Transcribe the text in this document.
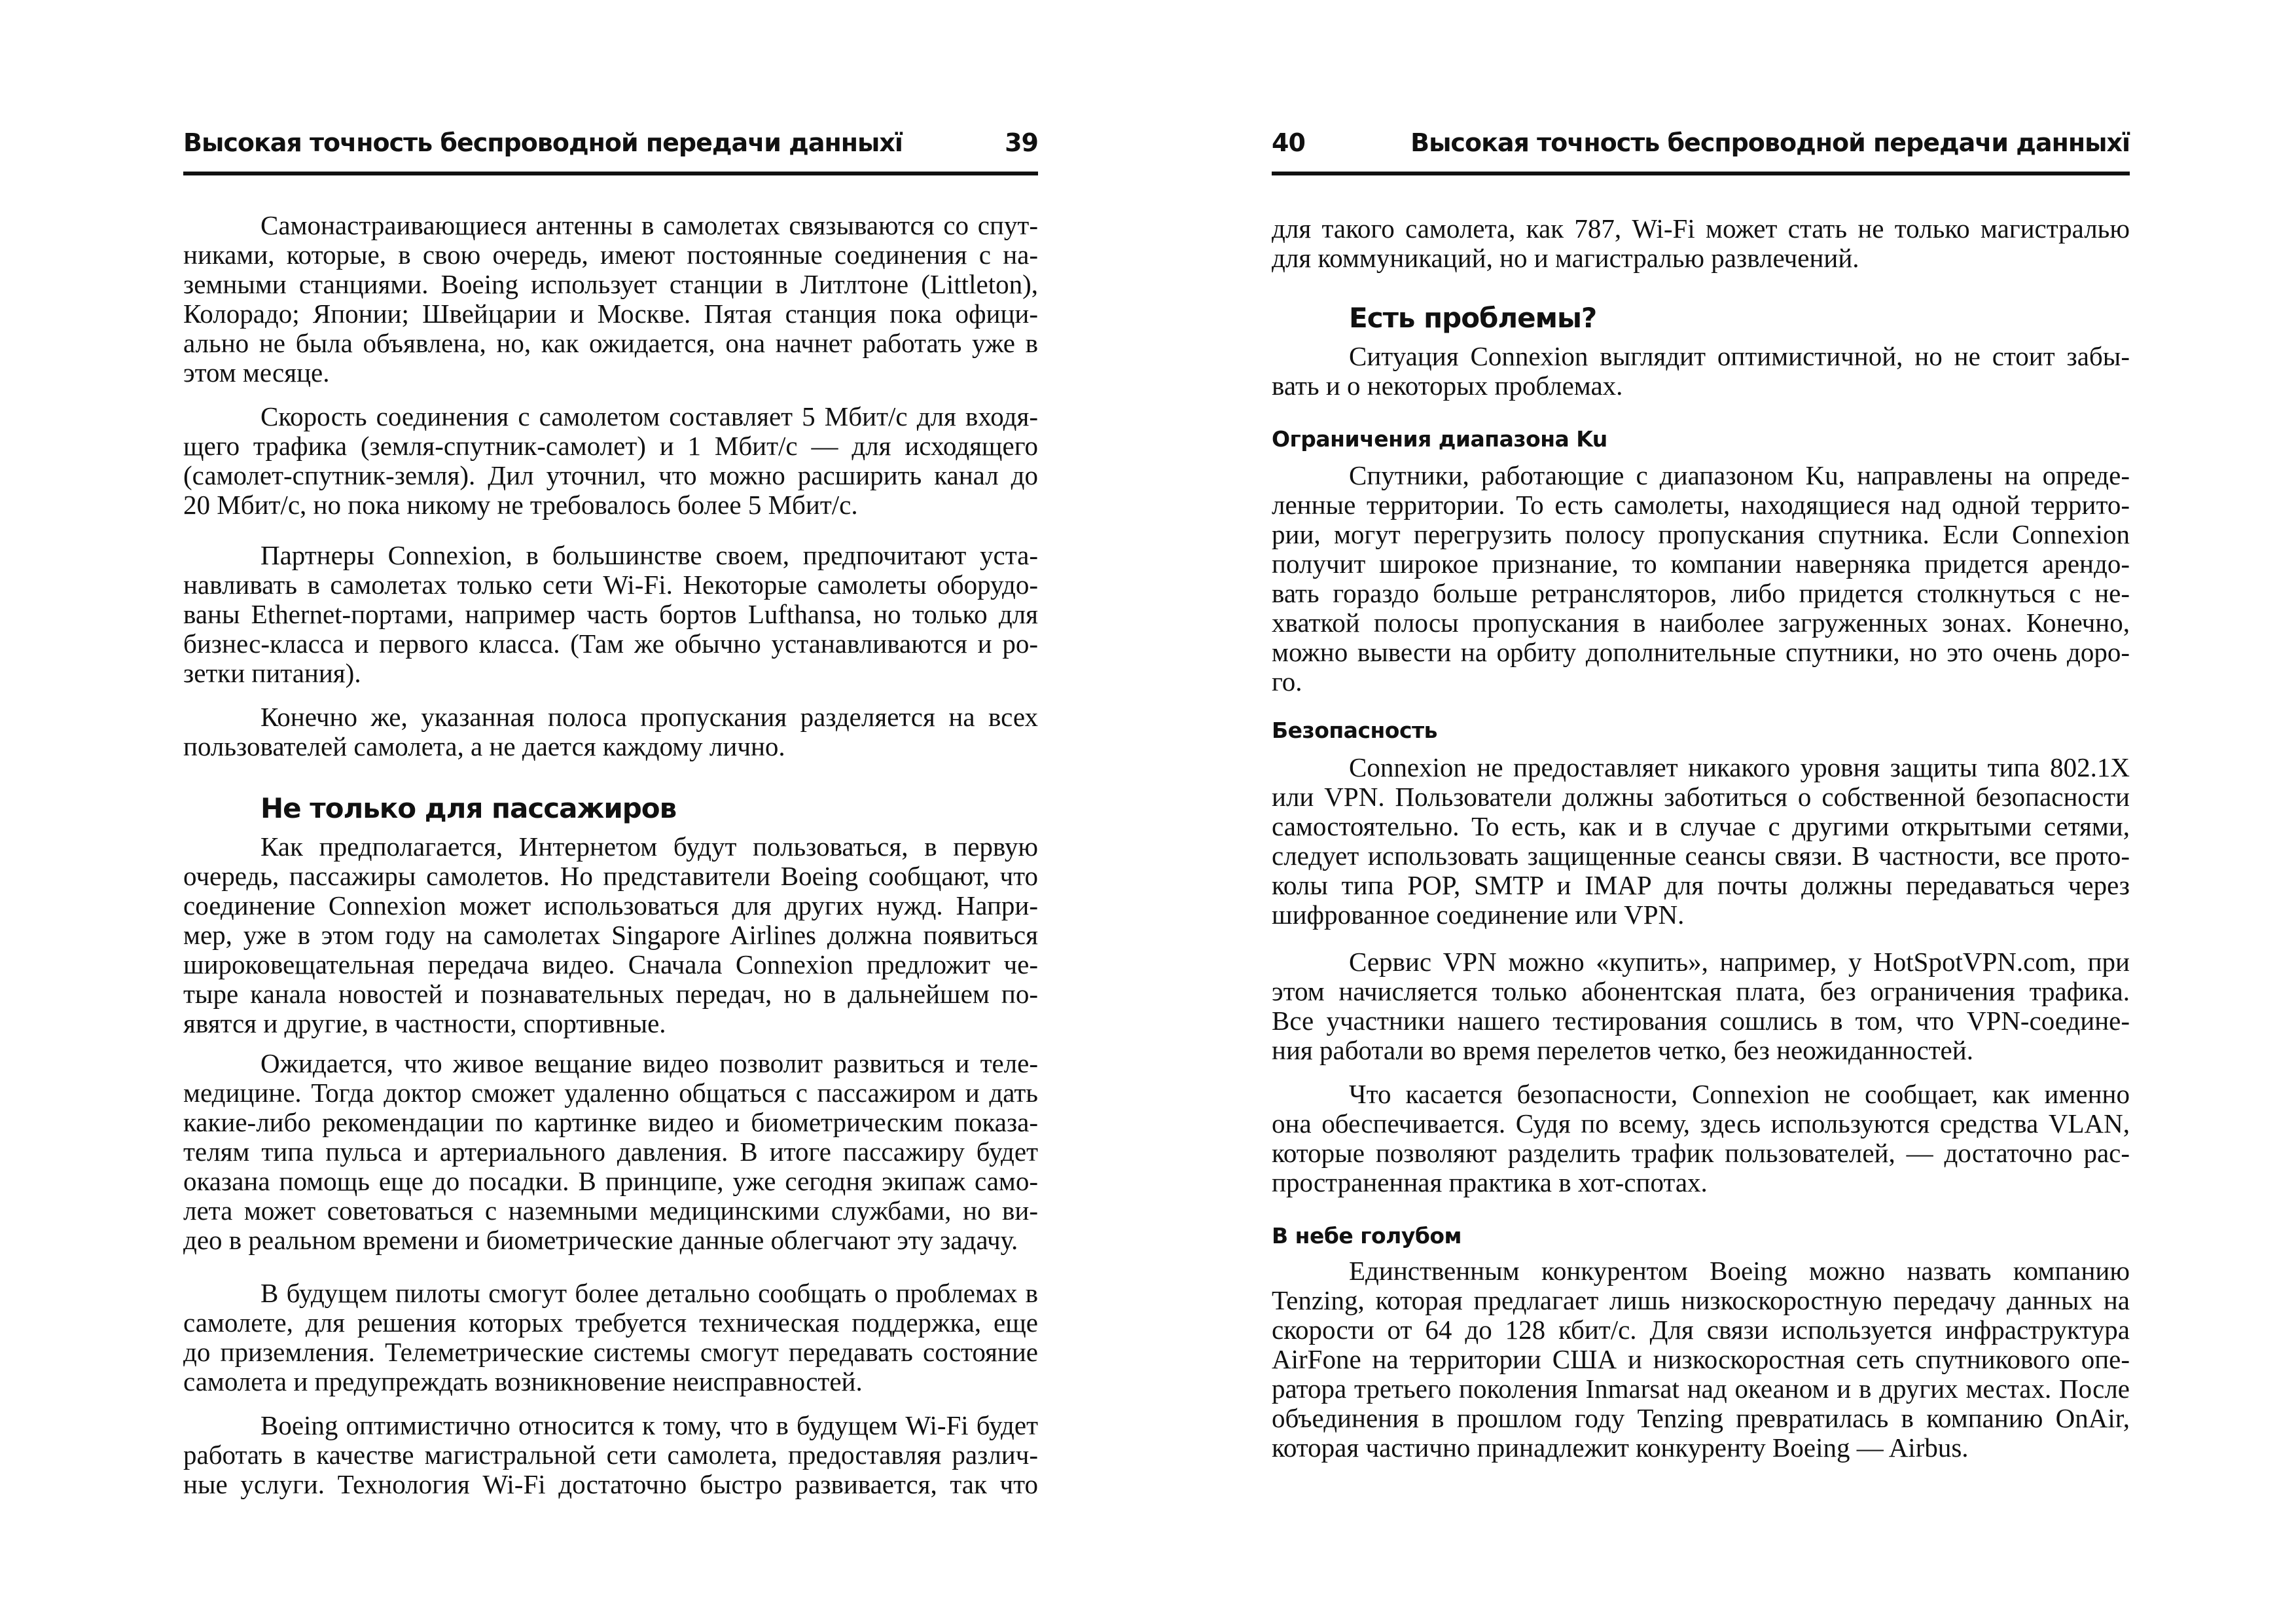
Высокая точность беспроводной передачи данныхї	39
Самонастраивающиеся антенны в самолетах связываются со спут-
никами, которые, в свою очередь, имеют постоянные соединения с на-
земными станциями. Boeing использует станции в Литлтоне (Littleton),
Колорадо; Японии; Швейцарии и Москве. Пятая станция пока офици-
ально не была объявлена, но, как ожидается, она начнет работать уже в
этом месяце.
Скорость соединения с самолетом составляет 5 Мбит/с для входя-
щего трафика (земля-спутник-самолет) и 1 Мбит/с — для исходящего
(самолет-спутник-земля). Дил уточнил, что можно расширить канал до
20 Мбит/с, но пока никому не требовалось более 5 Мбит/с.
Партнеры Connexion, в большинстве своем, предпочитают уста-
навливать в самолетах только сети Wi-Fi. Некоторые самолеты оборудо-
ваны Ethernet-портами, например часть бортов Lufthansa, но только для
бизнес-класса и первого класса. (Там же обычно устанавливаются и ро-
зетки питания).
Конечно же, указанная полоса пропускания разделяется на всех
пользователей самолета, а не дается каждому лично.
Не только для пассажиров
Как предполагается, Интернетом будут пользоваться, в первую
очередь, пассажиры самолетов. Но представители Boeing сообщают, что
соединение Connexion может использоваться для других нужд. Напри-
мер, уже в этом году на самолетах Singapore Airlines должна появиться
широковещательная передача видео. Сначала Connexion предложит че-
тыре канала новостей и познавательных передач, но в дальнейшем по-
явятся и другие, в частности, спортивные.
Ожидается, что живое вещание видео позволит развиться и теле-
медицине. Тогда доктор сможет удаленно общаться с пассажиром и дать
какие-либо рекомендации по картинке видео и биометрическим показа-
телям типа пульса и артериального давления. В итоге пассажиру будет
оказана помощь еще до посадки. В принципе, уже сегодня экипаж само-
лета может советоваться с наземными медицинскими службами, но ви-
део в реальном времени и биометрические данные облегчают эту задачу.
В будущем пилоты смогут более детально сообщать о проблемах в
самолете, для решения которых требуется техническая поддержка, еще
до приземления. Телеметрические системы смогут передавать состояние
самолета и предупреждать возникновение неисправностей.
Boeing оптимистично относится к тому, что в будущем Wi-Fi будет
работать в качестве магистральной сети самолета, предоставляя различ-
ные услуги. Технология Wi-Fi достаточно быстро развивается, так что
40	Высокая точность беспроводной передачи данныхї
для такого самолета, как 787, Wi-Fi может стать не только магистралью
для коммуникаций, но и магистралью развлечений.
Есть проблемы?
Ситуация Connexion выглядит оптимистичной, но не стоит забы-
вать и о некоторых проблемах.
Ограничения диапазона Ku
Спутники, работающие с диапазоном Ku, направлены на опреде-
ленные территории. То есть самолеты, находящиеся над одной террито-
рии, могут перегрузить полосу пропускания спутника. Если Connexion
получит широкое признание, то компании наверняка придется арендо-
вать гораздо больше ретрансляторов, либо придется столкнуться с не-
хваткой полосы пропускания в наиболее загруженных зонах. Конечно,
можно вывести на орбиту дополнительные спутники, но это очень доро-
го.
Безопасность
Connexion не предоставляет никакого уровня защиты типа 802.1X
или VPN. Пользователи должны заботиться о собственной безопасности
самостоятельно. То есть, как и в случае с другими открытыми сетями,
следует использовать защищенные сеансы связи. В частности, все прото-
колы типа POP, SMTP и IMAP для почты должны передаваться через
шифрованное соединение или VPN.
Сервис VPN можно «купить», например, у HotSpotVPN.com, при
этом начисляется только абонентская плата, без ограничения трафика.
Все участники нашего тестирования сошлись в том, что VPN-соедине-
ния работали во время перелетов четко, без неожиданностей.
Что касается безопасности, Connexion не сообщает, как именно
она обеспечивается. Судя по всему, здесь используются средства VLAN,
которые позволяют разделить трафик пользователей, — достаточно рас-
пространенная практика в хот-спотах.
В небе голубом
Единственным конкурентом Boeing можно назвать компанию
Tenzing, которая предлагает лишь низкоскоростную передачу данных на
скорости от 64 до 128 кбит/с. Для связи используется инфраструктура
AirFone на территории США и низкоскоростная сеть спутникового опе-
ратора третьего поколения Inmarsat над океаном и в других местах. После
объединения в прошлом году Tenzing превратилась в компанию OnAir,
которая частично принадлежит конкуренту Boeing — Airbus.
